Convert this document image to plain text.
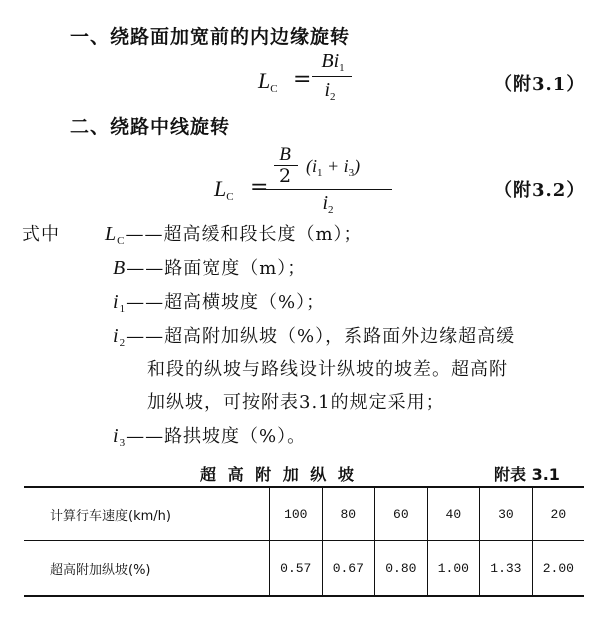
一、绕路面加宽前的内边缘旋转
$L_C$ =
$Bi_1$
$i_2$
（附3.1）
二、绕路中线旋转
$L_C$ =
B
2 $(i_1 + i_3)$
$i_2$
（附3.2）
式中 $L_C——$超高缓和段长度（m）；
B——路面宽度（m）；
$i_1——$超高横坡度（%）；
$i_2——$超高附加纵坡（%），系路面外边缘超高缓
和段的纵坡与路线设计纵坡的坡差。超高附
加纵坡，可按附表3.1的规定采用；
$i_3——$路拱坡度（%）。
超 高 附 加 纵 坡	附表 3.1
计算行车速度(km/h)	100	80	60	40	30	20
超高附加纵坡(%)	0.57	0.67	0.80	1.00	1.33	2.00
